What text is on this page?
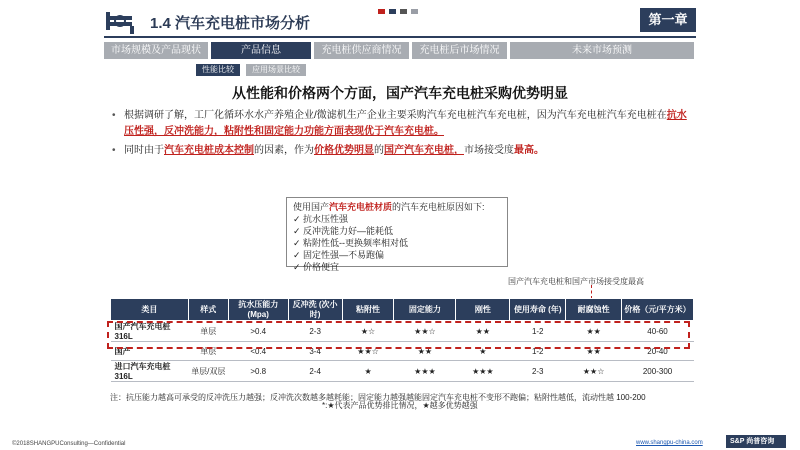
1.4 汽车充电桩市场分析	第一章
市场规模及产品现状	产品信息	充电桩供应商情况	充电桩后市场情况	未来市场预测
性能比较	应用场景比较
从性能和价格两个方面，国产汽车充电桩采购优势明显
• 根据调研了解，工厂化循环水水产养殖企业/微滤机生产企业主要采购汽车充电桩汽车充电桩，因为汽车充电桩汽车充电桩在抗水压性强，反冲洗能力，粘附性和固定能力功能方面表现优于汽车充电桩。
• 同时由于汽车充电桩成本控制的因素，作为价格优势明显的国产汽车充电桩，市场接受度最高。
使用国产汽车充电桩材质的汽车充电桩原因如下:
✓ 抗水压性强
✓ 反冲洗能力好—能耗低
✓ 粘附性低--更换频率相对低
✓ 固定性强—不易跑偏
✓ 价格便宜
国产汽车充电桩和国产市场接受度最高
类目	样式	抗水压能力 (Mpa)	反冲洗 (次小时)	粘附性	固定能力	刚性	使用寿命 (年)	耐腐蚀性	价格（元/平方米）
国产汽车充电桩 316L	单层	>0.4	2-3	★☆	★★☆	★★	1-2	★★	40-60
国产	单层	<0.4	3-4	★★☆	★★	★	1-2	★★	20-40
进口汽车充电桩 316L	单层/双层	>0.8	2-4	★	★★★	★★★	2-3	★★☆	200-300
注：抗压能力越高可承受的反冲洗压力越强；反冲洗次数越多越耗能；固定能力越强越能固定汽车充电桩不变形不跑偏；粘附性越低，流动性越 100-200
*:★代表产品优势排比情况，★越多优势越强
©2018SHANGPUConsulting—Confidential	www.shangpu-china.com	S&P 尚普咨询
